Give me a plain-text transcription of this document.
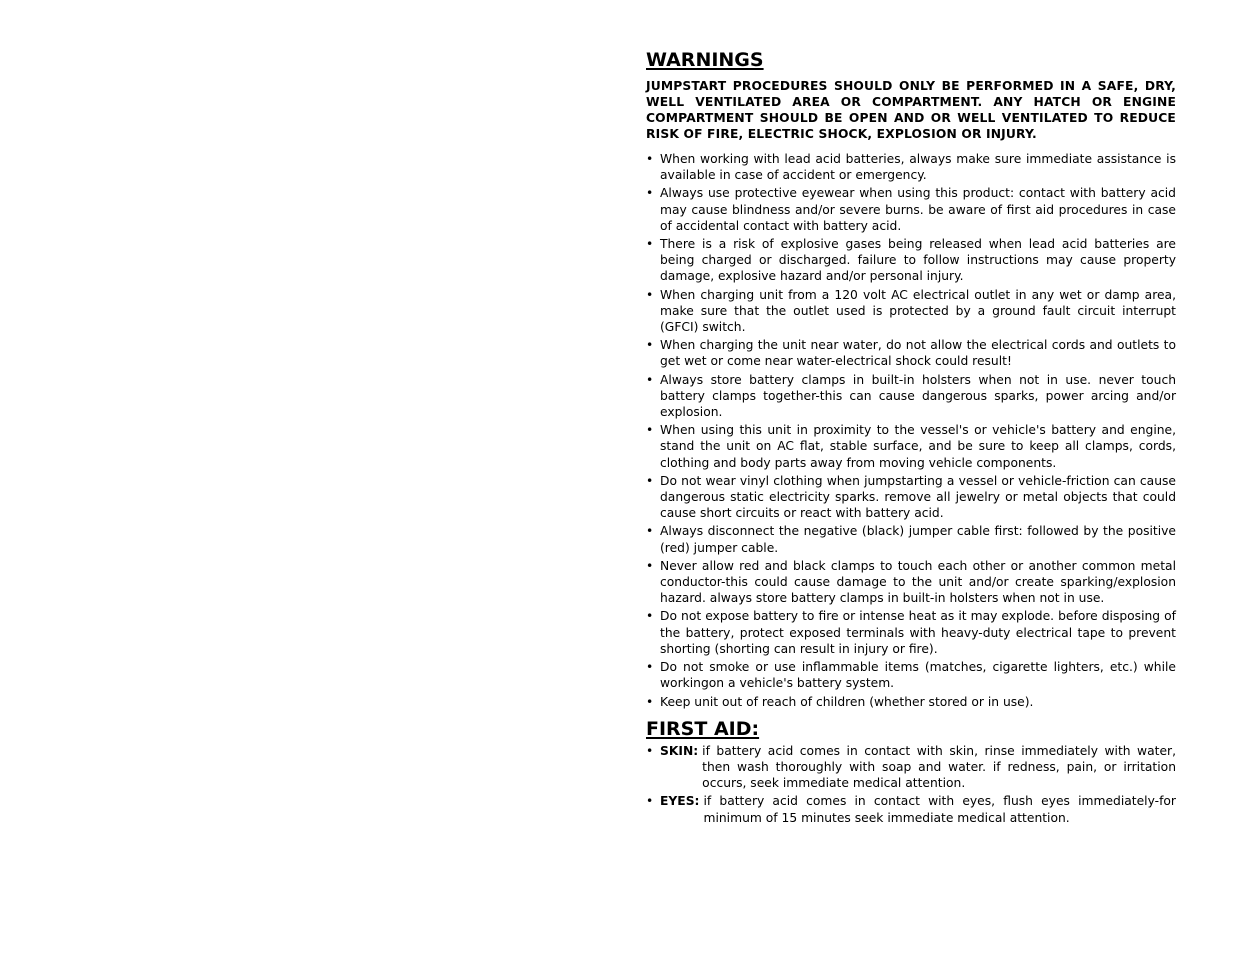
WARNINGS

JUMPSTART PROCEDURES SHOULD ONLY BE PERFORMED IN A SAFE, DRY, WELL VENTILATED AREA OR COMPARTMENT. ANY HATCH OR ENGINE COMPARTMENT SHOULD BE OPEN AND OR WELL VENTILATED TO REDUCE RISK OF FIRE, ELECTRIC SHOCK, EXPLOSION OR INJURY.

• When working with lead acid batteries, always make sure immediate assistance is available in case of accident or emergency.
• Always use protective eyewear when using this product: contact with battery acid may cause blindness and/or severe burns. be aware of first aid procedures in case of accidental contact with battery acid.
• There is a risk of explosive gases being released when lead acid batteries are being charged or discharged. failure to follow instructions may cause property damage, explosive hazard and/or personal injury.
• When charging unit from a 120 volt AC electrical outlet in any wet or damp area, make sure that the outlet used is protected by a ground fault circuit interrupt (GFCI) switch.
• When charging the unit near water, do not allow the electrical cords and outlets to get wet or come near water-electrical shock could result!
• Always store battery clamps in built-in holsters when not in use. never touch battery clamps together-this can cause dangerous sparks, power arcing and/or explosion.
• When using this unit in proximity to the vessel's or vehicle's battery and engine, stand the unit on AC flat, stable surface, and be sure to keep all clamps, cords, clothing and body parts away from moving vehicle components.
• Do not wear vinyl clothing when jumpstarting a vessel or vehicle-friction can cause dangerous static electricity sparks. remove all jewelry or metal objects that could cause short circuits or react with battery acid.
• Always disconnect the negative (black) jumper cable first: followed by the positive (red) jumper cable.
• Never allow red and black clamps to touch each other or another common metal conductor-this could cause damage to the unit and/or create sparking/explosion hazard. always store battery clamps in built-in holsters when not in use.
• Do not expose battery to fire or intense heat as it may explode. before disposing of the battery, protect exposed terminals with heavy-duty electrical tape to prevent shorting (shorting can result in injury or fire).
• Do not smoke or use inflammable items (matches, cigarette lighters, etc.) while workingon a vehicle's battery system.
• Keep unit out of reach of children (whether stored or in use).
FIRST AID:
• SKIN: if battery acid comes in contact with skin, rinse immediately with water, then wash thoroughly with soap and water. if redness, pain, or irritation occurs, seek immediate medical attention.
• EYES: if battery acid comes in contact with eyes, flush eyes immediately-for minimum of 15 minutes seek immediate medical attention.
